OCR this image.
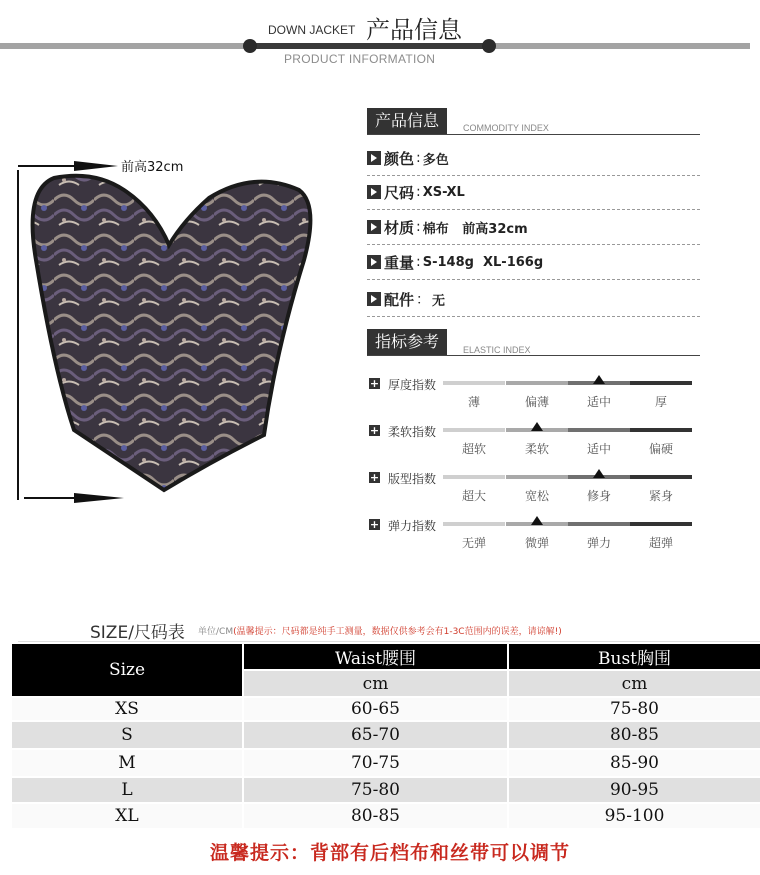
DOWN JACKET 产品信息
PRODUCT INFORMATION
前高32cm
产品信息	COMMODITY INDEX
颜色 : 多色
尺码 : XS-XL
材质 : 棉布   前高32cm
重量 : S-148g  XL-166g
配件 ： 无
指标参考	ELASTIC INDEX
+ 厚度指数
薄	偏薄	适中	厚
+ 柔软指数
超软	柔软	适中	偏硬
+ 版型指数
超大	宽松	修身	紧身
+ 弹力指数
无弹	微弹	弹力	超弹
SIZE/尺码表 单位/CM(温馨提示：尺码都是纯手工测量，数据仅供参考会有1-3C范围内的误差，请谅解!)
Size
Waist腰围	Bust胸围
cm	cm
XS	60-65	75-80
S	65-70	80-85
M	70-75	85-90
L	75-80	90-95
XL	80-85	95-100
温馨提示：背部有后档布和丝带可以调节
